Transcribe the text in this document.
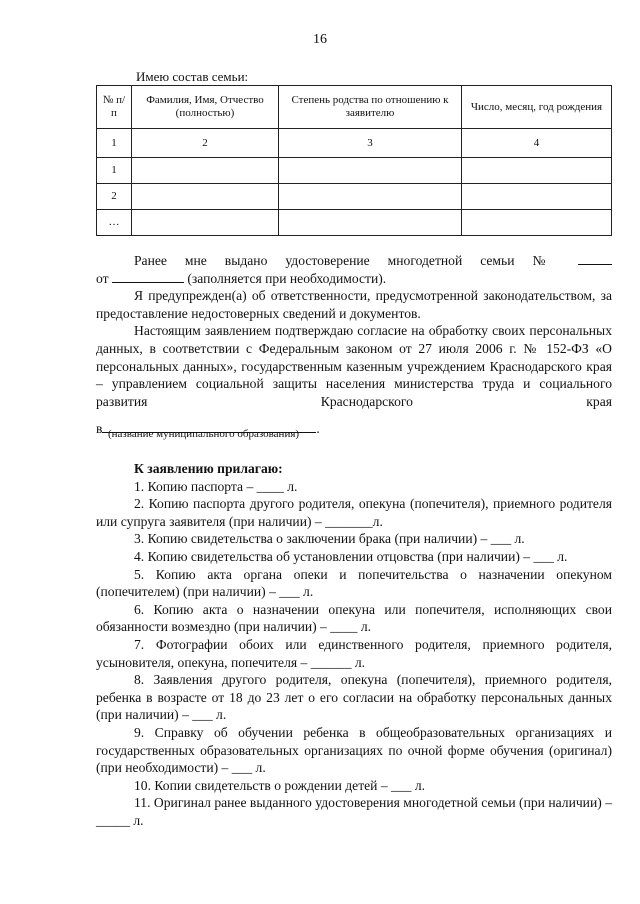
16
Имею состав семьи:
№ п/п	Фамилия, Имя, Отчество (полностью)	Степень родства по отношению к заявителю	Число, месяц, год рождения
1	2	3	4
1			
2			
…			

Ранее мне выдано удостоверение многодетной семьи №

от	(заполняется при необходимости).

Я предупрежден(а) об ответственности, предусмотренной законодательством, за предоставление недостоверных сведений и документов.

Настоящим заявлением подтверждаю согласие на обработку своих персональных данных, в соответствии с Федеральным законом от 27 июля 2006 г. № 152-ФЗ «О персональных данных», государственным казенным учреждением Краснодарского края – управлением социальной защиты населения министерства труда и социального развития Краснодарского края

в	.
(название муниципального образования)

К заявлению прилагаю:

1. Копию паспорта – ____ л.

2. Копию паспорта другого родителя, опекуна (попечителя), приемного родителя или супруга заявителя (при наличии) – _______л.

3. Копию свидетельства о заключении брака (при наличии) – ___ л.

4. Копию свидетельства об установлении отцовства (при наличии) – ___ л.

5. Копию акта органа опеки и попечительства о назначении опекуном (попечителем) (при наличии) – ___ л.

6. Копию акта о назначении опекуна или попечителя, исполняющих свои обязанности возмездно (при наличии) – ____ л.

7. Фотографии обоих или единственного родителя, приемного родителя, усыновителя, опекуна, попечителя – ______ л.

8. Заявления другого родителя, опекуна (попечителя), приемного родителя, ребенка в возрасте от 18 до 23 лет о его согласии на обработку персональных данных (при наличии) – ___ л.

9. Справку об обучении ребенка в общеобразовательных организациях и государственных образовательных организациях по очной форме обучения (оригинал) (при необходимости) – ___ л.

10. Копии свидетельств о рождении детей – ___ л.

11. Оригинал ранее выданного удостоверения многодетной семьи (при наличии) – _____ л.
